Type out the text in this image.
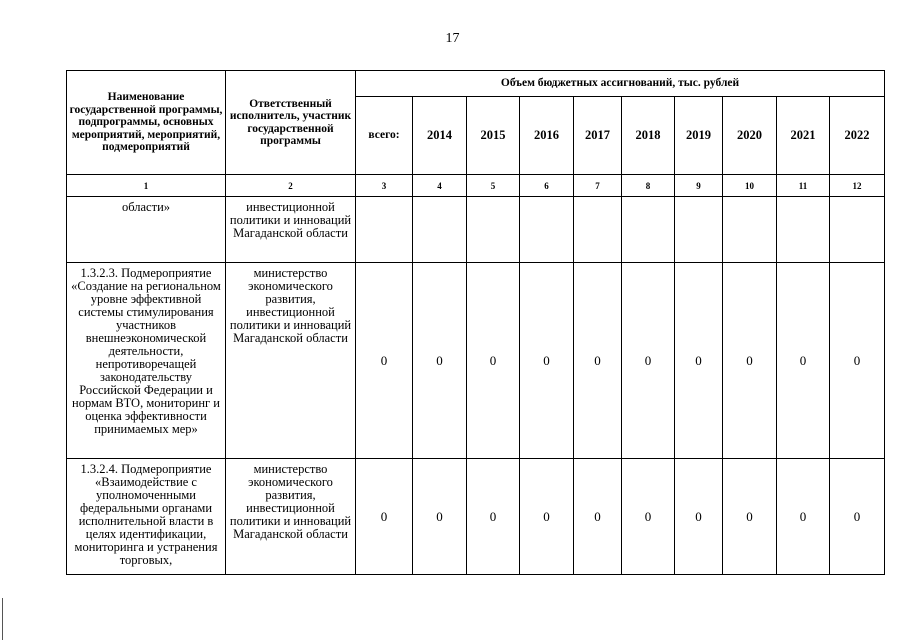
17
Наименование государственной программы, подпрограммы, основных мероприятий, мероприятий, подмероприятий	Ответственный исполнитель, участник государственной программы	Объем бюджетных ассигнований, тыс. рублей									
		всего:	2014	2015	2016	2017	2018	2019	2020	2021	2022
1	2	3	4	5	6	7	8	9	10	11	12
области»	инвестиционной политики и инноваций Магаданской области										
1.3.2.3. Подмероприятие «Создание на региональном уровне эффективной системы стимулирования участников внешнеэкономической деятельности, непротиворечащей законодательству Российской Федерации и нормам ВТО, мониторинг и оценка эффективности принимаемых мер»	министерство экономического развития, инвестиционной политики и инноваций Магаданской области	0	0	0	0	0	0	0	0	0	0
1.3.2.4. Подмероприятие «Взаимодействие с уполномоченными федеральными органами исполнительной власти в целях идентификации, мониторинга и устранения торговых,	министерство экономического развития, инвестиционной политики и инноваций Магаданской области	0	0	0	0	0	0	0	0	0	0
